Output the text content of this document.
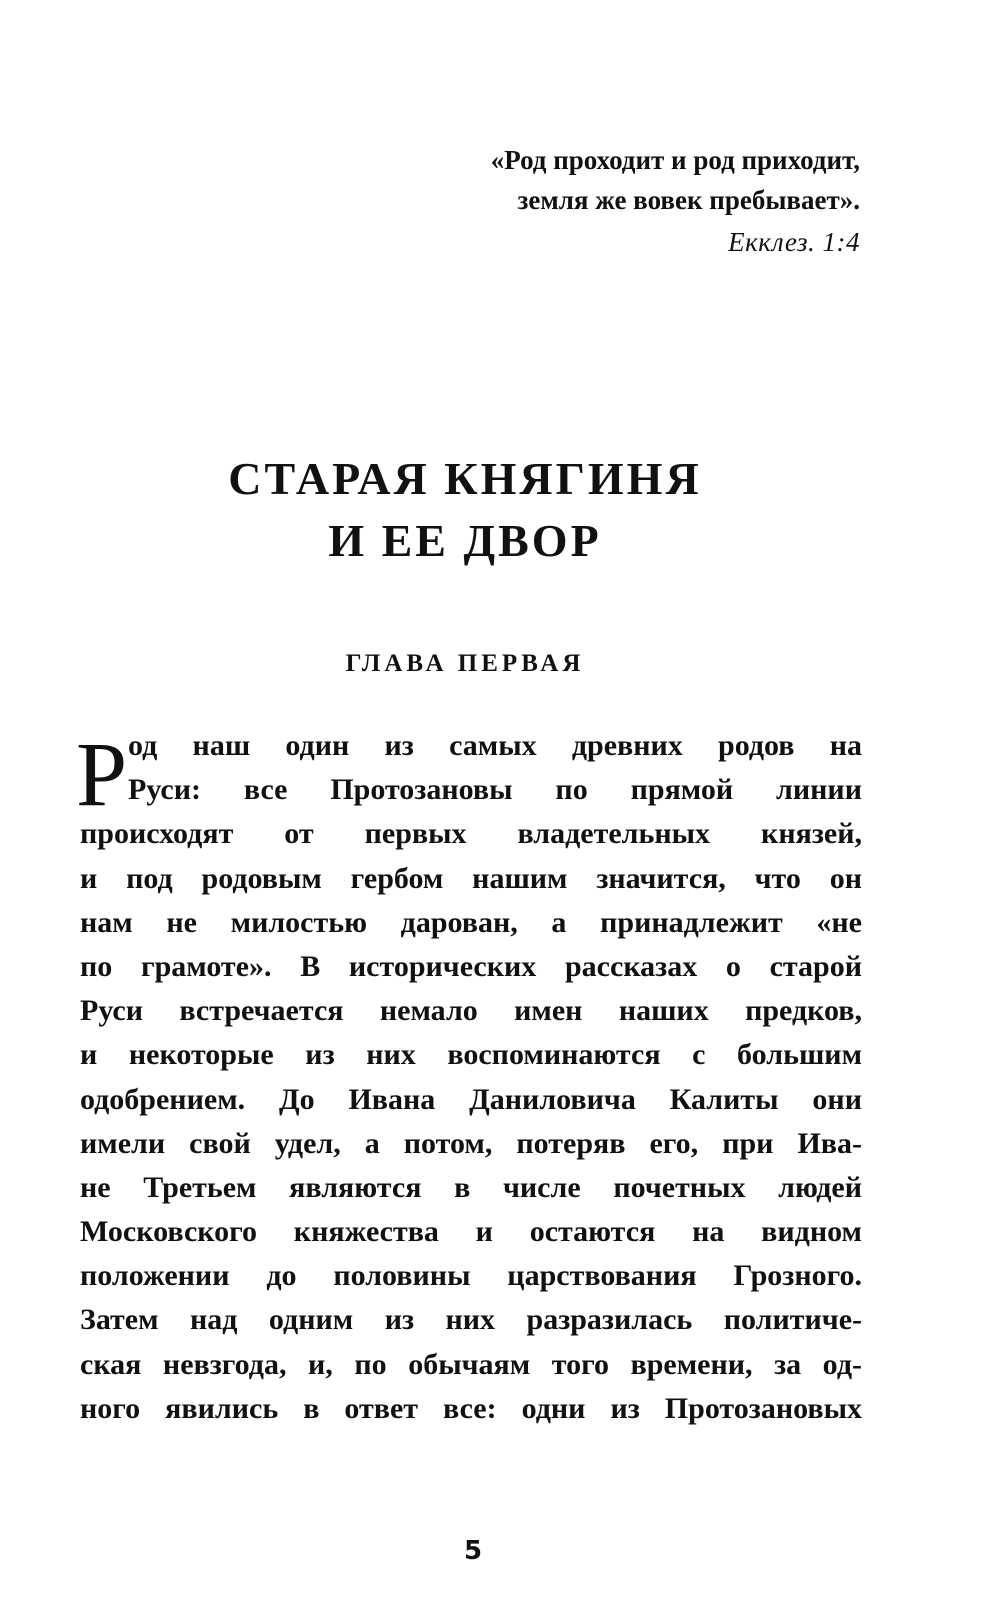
«Род проходит и род приходит,
земля же вовек пребывает».
Екклез. 1:4
СТАРАЯ КНЯГИНЯ
И ЕЕ ДВОР
ГЛАВА ПЕРВАЯ
Р од наш один из самых древних родов на
Руси: все Протозановы по прямой линии
происходят от первых владетельных князей,
и под родовым гербом нашим значится, что он
нам не милостью дарован, а принадлежит «не
по грамоте». В исторических рассказах о старой
Руси встречается немало имен наших предков,
и некоторые из них воспоминаются с большим
одобрением. До Ивана Даниловича Калиты они
имели свой удел, а потом, потеряв его, при Ива-
не Третьем являются в числе почетных людей
Московского княжества и остаются на видном
положении до половины царствования Грозного.
Затем над одним из них разразилась политиче-
ская невзгода, и, по обычаям того времени, за од-
ного явились в ответ все: одни из Протозановых
5
